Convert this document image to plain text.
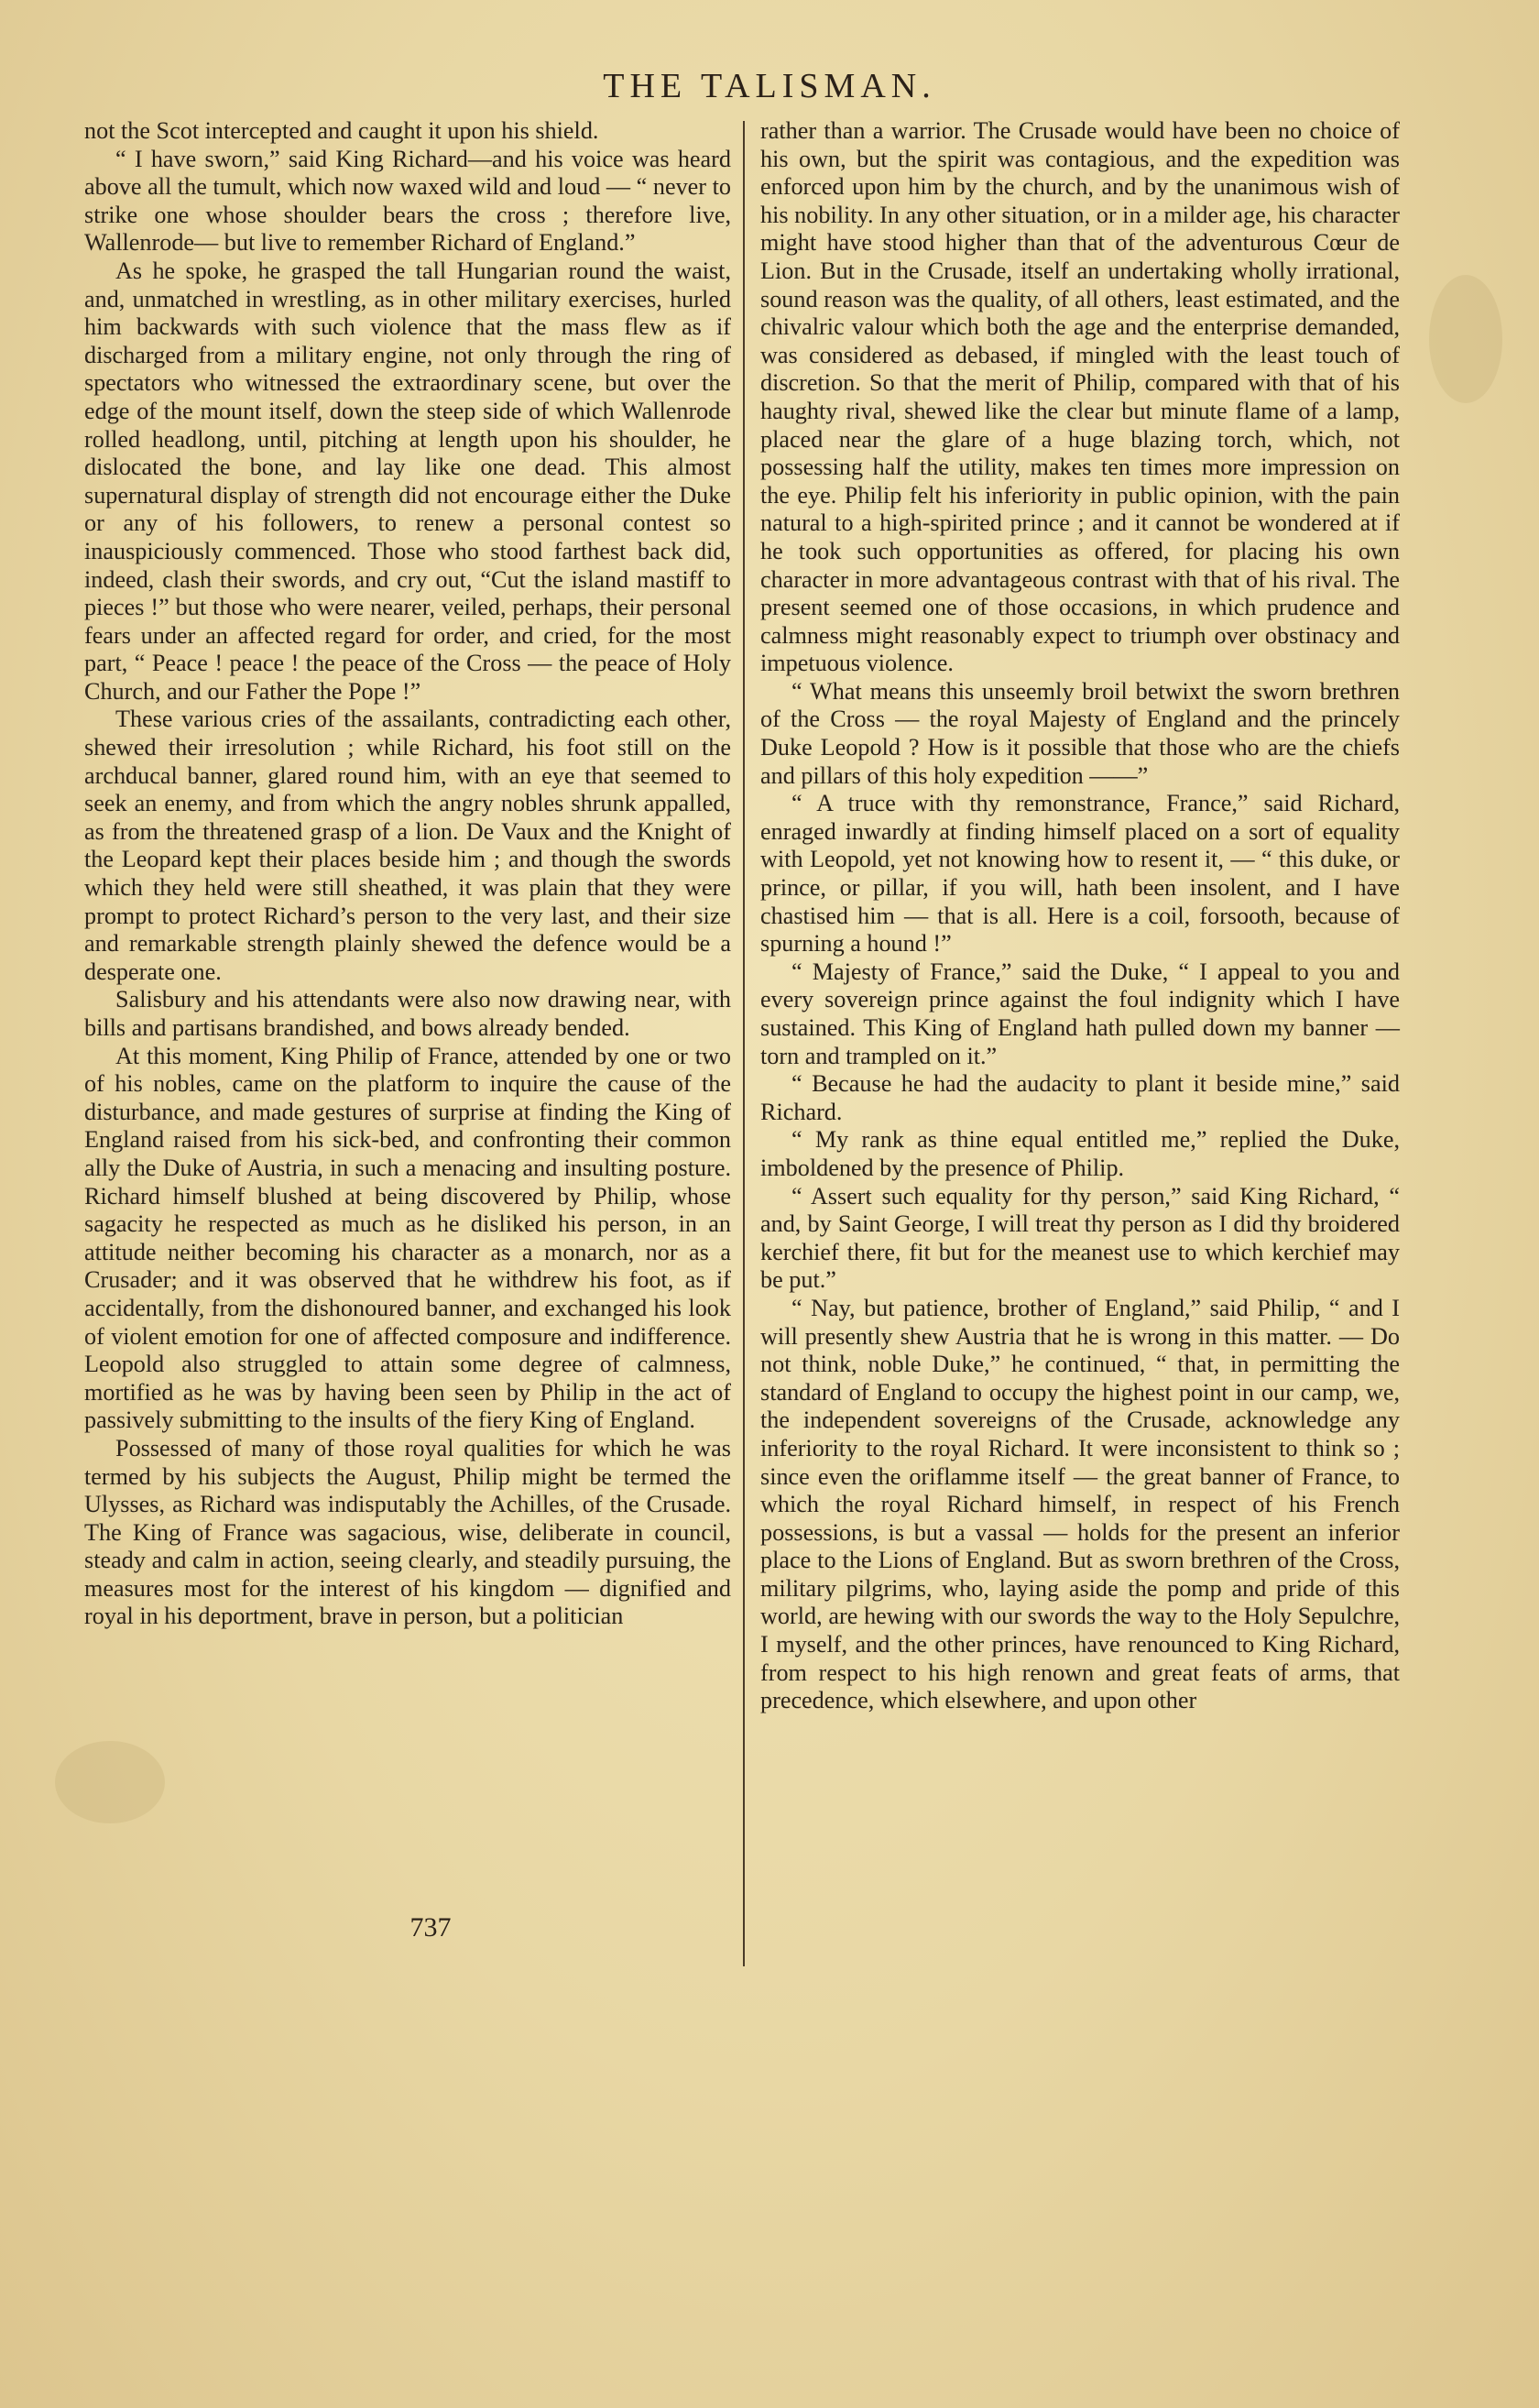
THE TALISMAN.

not the Scot intercepted and caught it upon his shield.

“ I have sworn,” said King Richard—and his voice was heard above all the tumult, which now waxed wild and loud — “ never to strike one whose shoulder bears the cross ; therefore live, Wallenrode— but live to remember Richard of England.”

As he spoke, he grasped the tall Hungarian round the waist, and, unmatched in wrestling, as in other military exercises, hurled him backwards with such violence that the mass flew as if discharged from a military engine, not only through the ring of spectators who witnessed the extraordinary scene, but over the edge of the mount itself, down the steep side of which Wallenrode rolled headlong, until, pitching at length upon his shoulder, he dislocated the bone, and lay like one dead. This almost supernatural display of strength did not encourage either the Duke or any of his followers, to renew a personal contest so inauspiciously commenced. Those who stood farthest back did, indeed, clash their swords, and cry out, “Cut the island mastiff to pieces !” but those who were nearer, veiled, perhaps, their personal fears under an affected regard for order, and cried, for the most part, “ Peace ! peace ! the peace of the Cross — the peace of Holy Church, and our Father the Pope !”

These various cries of the assailants, contradicting each other, shewed their irresolution ; while Richard, his foot still on the archducal banner, glared round him, with an eye that seemed to seek an enemy, and from which the angry nobles shrunk appalled, as from the threatened grasp of a lion. De Vaux and the Knight of the Leopard kept their places beside him ; and though the swords which they held were still sheathed, it was plain that they were prompt to protect Richard’s person to the very last, and their size and remarkable strength plainly shewed the defence would be a desperate one.

Salisbury and his attendants were also now drawing near, with bills and partisans brandished, and bows already bended.

At this moment, King Philip of France, attended by one or two of his nobles, came on the platform to inquire the cause of the disturbance, and made gestures of surprise at finding the King of England raised from his sick-bed, and confronting their common ally the Duke of Austria, in such a menacing and insulting posture. Richard himself blushed at being discovered by Philip, whose sagacity he respected as much as he disliked his person, in an attitude neither becoming his character as a monarch, nor as a Crusader; and it was observed that he withdrew his foot, as if accidentally, from the dishonoured banner, and exchanged his look of violent emotion for one of affected composure and indifference. Leopold also struggled to attain some degree of calmness, mortified as he was by having been seen by Philip in the act of passively submitting to the insults of the fiery King of England.

Possessed of many of those royal qualities for which he was termed by his subjects the August, Philip might be termed the Ulysses, as Richard was indisputably the Achilles, of the Crusade. The King of France was sagacious, wise, deliberate in council, steady and calm in action, seeing clearly, and steadily pursuing, the measures most for the interest of his kingdom — dignified and royal in his deportment, brave in person, but a politician

rather than a warrior. The Crusade would have been no choice of his own, but the spirit was contagious, and the expedition was enforced upon him by the church, and by the unanimous wish of his nobility. In any other situation, or in a milder age, his character might have stood higher than that of the adventurous Cœur de Lion. But in the Crusade, itself an undertaking wholly irrational, sound reason was the quality, of all others, least estimated, and the chivalric valour which both the age and the enterprise demanded, was considered as debased, if mingled with the least touch of discretion. So that the merit of Philip, compared with that of his haughty rival, shewed like the clear but minute flame of a lamp, placed near the glare of a huge blazing torch, which, not possessing half the utility, makes ten times more impression on the eye. Philip felt his inferiority in public opinion, with the pain natural to a high-spirited prince ; and it cannot be wondered at if he took such opportunities as offered, for placing his own character in more advantageous contrast with that of his rival. The present seemed one of those occasions, in which prudence and calmness might reasonably expect to triumph over obstinacy and impetuous violence.

“ What means this unseemly broil betwixt the sworn brethren of the Cross — the royal Majesty of England and the princely Duke Leopold ? How is it possible that those who are the chiefs and pillars of this holy expedition ——”

“ A truce with thy remonstrance, France,” said Richard, enraged inwardly at finding himself placed on a sort of equality with Leopold, yet not knowing how to resent it, — “ this duke, or prince, or pillar, if you will, hath been insolent, and I have chastised him — that is all. Here is a coil, forsooth, because of spurning a hound !”

“ Majesty of France,” said the Duke, “ I appeal to you and every sovereign prince against the foul indignity which I have sustained. This King of England hath pulled down my banner — torn and trampled on it.”

“ Because he had the audacity to plant it beside mine,” said Richard.

“ My rank as thine equal entitled me,” replied the Duke, imboldened by the presence of Philip.

“ Assert such equality for thy person,” said King Richard, “ and, by Saint George, I will treat thy person as I did thy broidered kerchief there, fit but for the meanest use to which kerchief may be put.”

“ Nay, but patience, brother of England,” said Philip, “ and I will presently shew Austria that he is wrong in this matter. — Do not think, noble Duke,” he continued, “ that, in permitting the standard of England to occupy the highest point in our camp, we, the independent sovereigns of the Crusade, acknowledge any inferiority to the royal Richard. It were inconsistent to think so ; since even the oriflamme itself — the great banner of France, to which the royal Richard himself, in respect of his French possessions, is but a vassal — holds for the present an inferior place to the Lions of England. But as sworn brethren of the Cross, military pilgrims, who, laying aside the pomp and pride of this world, are hewing with our swords the way to the Holy Sepulchre, I myself, and the other princes, have renounced to King Richard, from respect to his high renown and great feats of arms, that precedence, which elsewhere, and upon other

737
